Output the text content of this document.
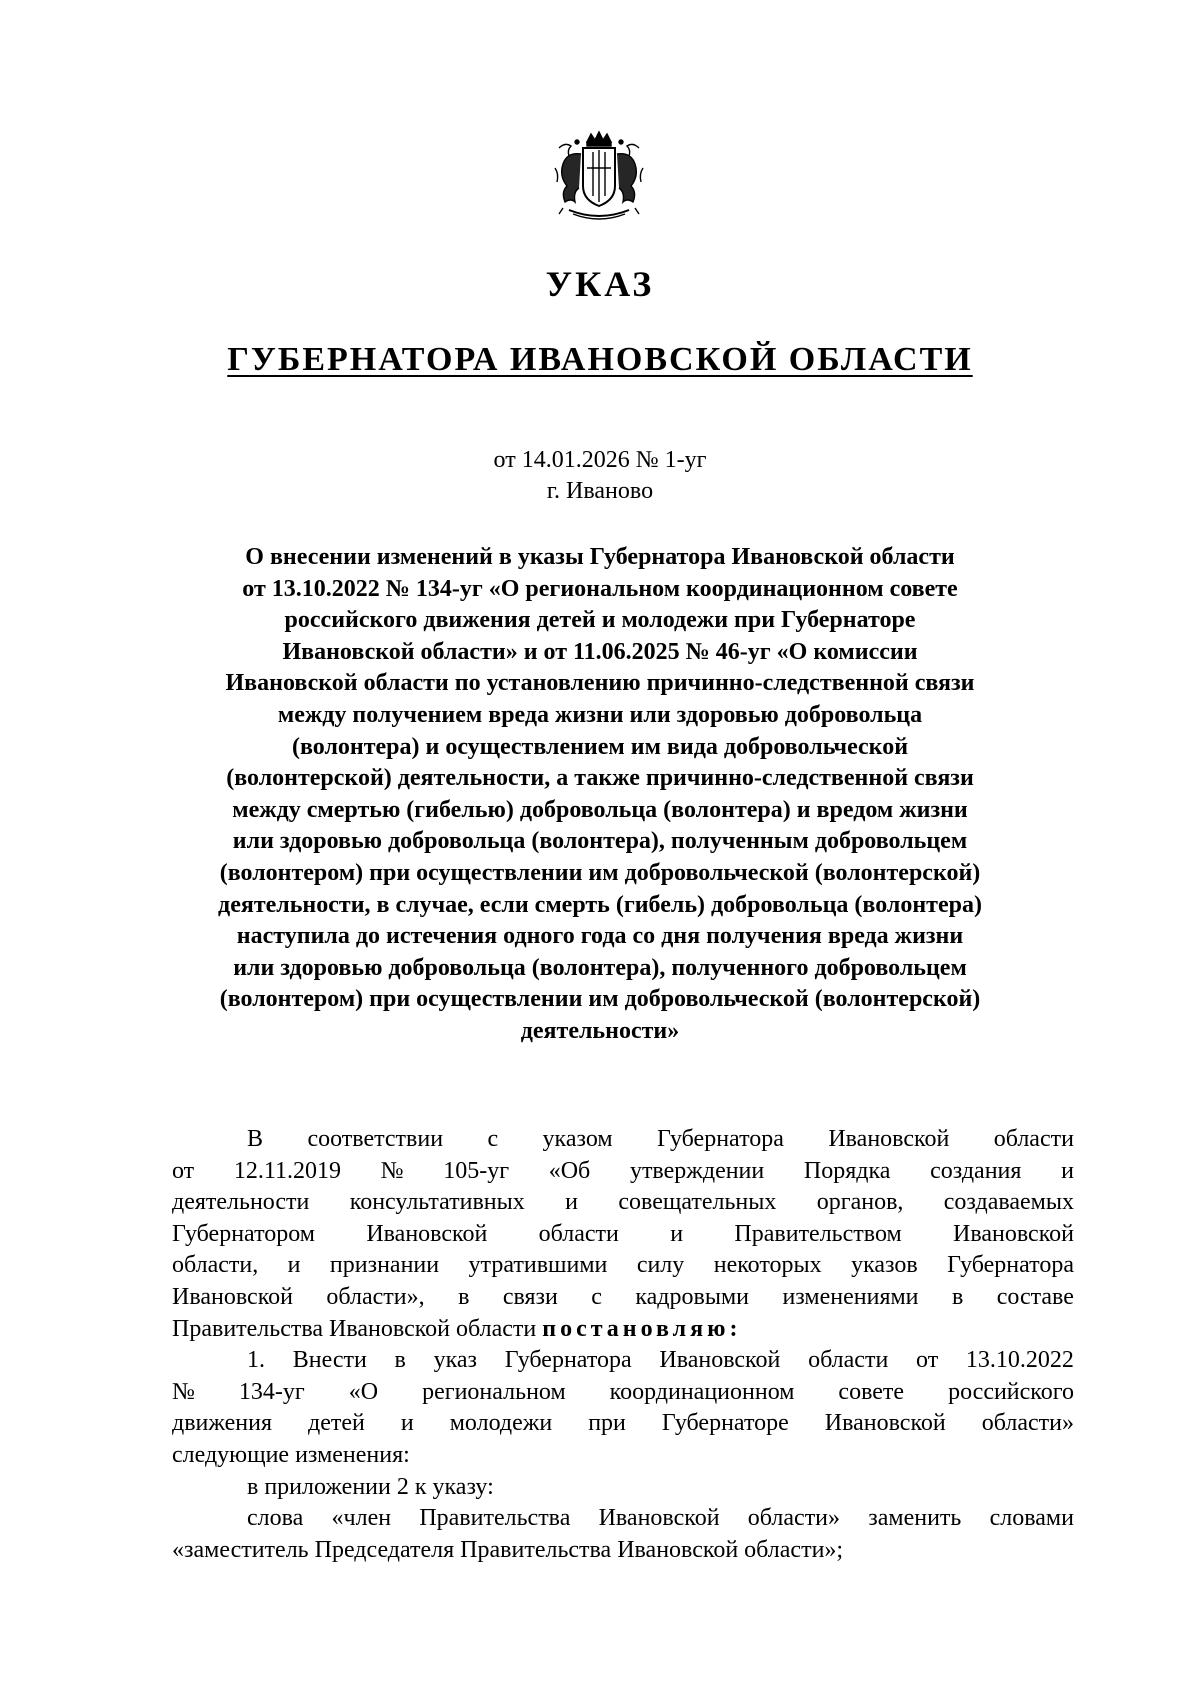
УКАЗ
ГУБЕРНАТОРА ИВАНОВСКОЙ ОБЛАСТИ
от 14.01.2026 № 1-уг
г. Иваново
О внесении изменений в указы Губернатора Ивановской области
от 13.10.2022 № 134-уг «О региональном координационном совете
российского движения детей и молодежи при Губернаторе
Ивановской области» и от 11.06.2025 № 46-уг «О комиссии
Ивановской области по установлению причинно-следственной связи
между получением вреда жизни или здоровью добровольца
(волонтера) и осуществлением им вида добровольческой
(волонтерской) деятельности, а также причинно-следственной связи
между смертью (гибелью) добровольца (волонтера) и вредом жизни
или здоровью добровольца (волонтера), полученным добровольцем
(волонтером) при осуществлении им добровольческой (волонтерской)
деятельности, в случае, если смерть (гибель) добровольца (волонтера)
наступила до истечения одного года со дня получения вреда жизни
или здоровью добровольца (волонтера), полученного добровольцем
(волонтером) при осуществлении им добровольческой (волонтерской)
деятельности»
В соответствии с указом Губернатора Ивановской области
от 12.11.2019 № 105-уг «Об утверждении Порядка создания и
деятельности консультативных и совещательных органов, создаваемых
Губернатором Ивановской области и Правительством Ивановской
области, и признании утратившими силу некоторых указов Губернатора
Ивановской области», в связи с кадровыми изменениями в составе
Правительства Ивановской области постановляю:
1. Внести в указ Губернатора Ивановской области от 13.10.2022
№ 134-уг «О региональном координационном совете российского
движения детей и молодежи при Губернаторе Ивановской области»
следующие изменения:
в приложении 2 к указу:
слова «член Правительства Ивановской области» заменить словами
«заместитель Председателя Правительства Ивановской области»;
